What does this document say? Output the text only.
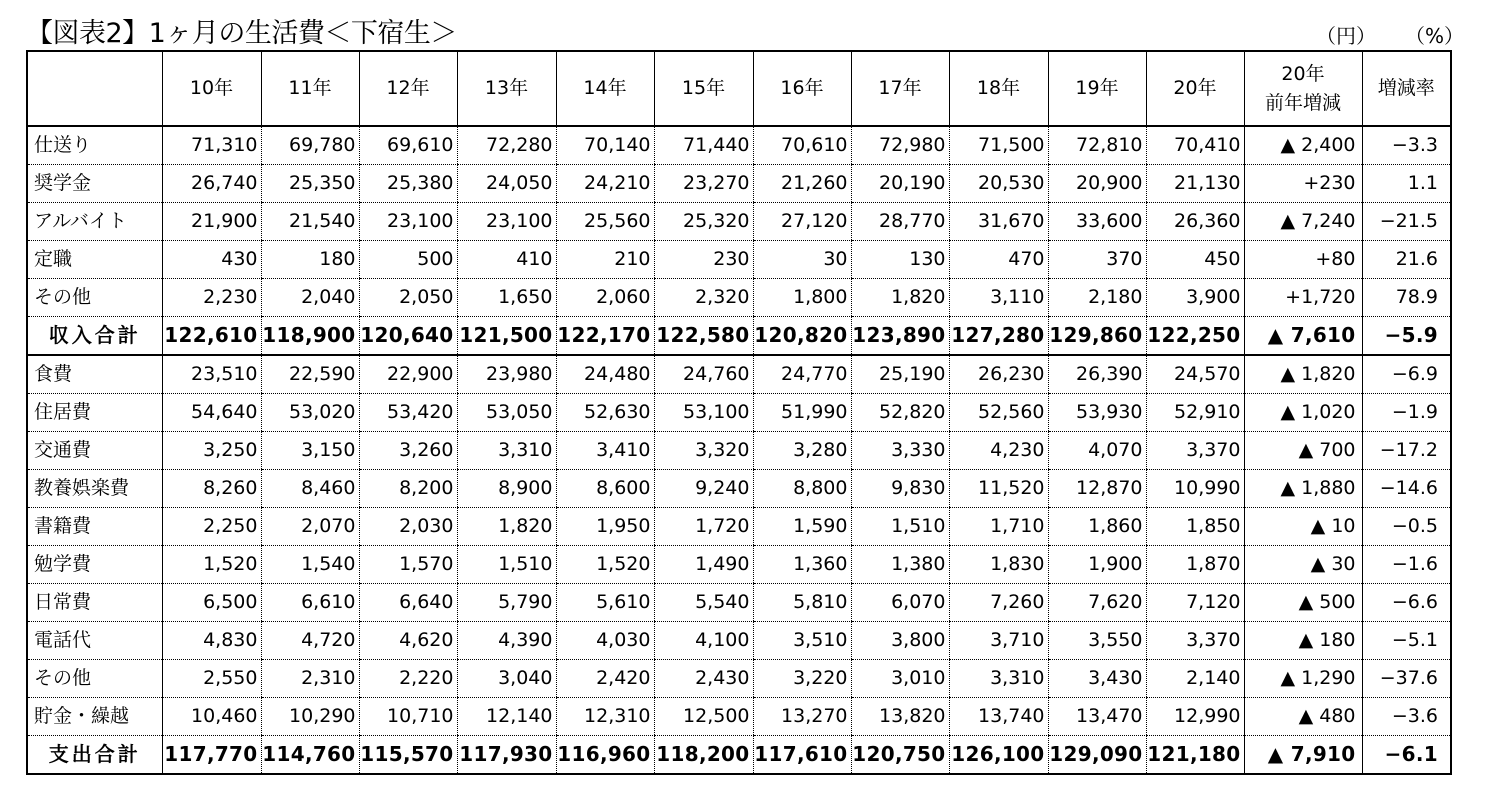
【図表2】1ヶ月の生活費＜下宿生＞	（円） （%）
	10年	11年	12年	13年	14年	15年	16年	17年	18年	19年	20年	20年
前年増減	増減率
仕送り	71,310	69,780	69,610	72,280	70,140	71,440	70,610	72,980	71,500	72,810	70,410	▲ 2,400	−3.3
奨学金	26,740	25,350	25,380	24,050	24,210	23,270	21,260	20,190	20,530	20,900	21,130	+230	1.1
アルバイト	21,900	21,540	23,100	23,100	25,560	25,320	27,120	28,770	31,670	33,600	26,360	▲ 7,240	−21.5
定職	430	180	500	410	210	230	30	130	470	370	450	+80	21.6
その他	2,230	2,040	2,050	1,650	2,060	2,320	1,800	1,820	3,110	2,180	3,900	+1,720	78.9
収入合計	122,610	118,900	120,640	121,500	122,170	122,580	120,820	123,890	127,280	129,860	122,250	▲ 7,610	−5.9
食費	23,510	22,590	22,900	23,980	24,480	24,760	24,770	25,190	26,230	26,390	24,570	▲ 1,820	−6.9
住居費	54,640	53,020	53,420	53,050	52,630	53,100	51,990	52,820	52,560	53,930	52,910	▲ 1,020	−1.9
交通費	3,250	3,150	3,260	3,310	3,410	3,320	3,280	3,330	4,230	4,070	3,370	▲ 700	−17.2
教養娯楽費	8,260	8,460	8,200	8,900	8,600	9,240	8,800	9,830	11,520	12,870	10,990	▲ 1,880	−14.6
書籍費	2,250	2,070	2,030	1,820	1,950	1,720	1,590	1,510	1,710	1,860	1,850	▲ 10	−0.5
勉学費	1,520	1,540	1,570	1,510	1,520	1,490	1,360	1,380	1,830	1,900	1,870	▲ 30	−1.6
日常費	6,500	6,610	6,640	5,790	5,610	5,540	5,810	6,070	7,260	7,620	7,120	▲ 500	−6.6
電話代	4,830	4,720	4,620	4,390	4,030	4,100	3,510	3,800	3,710	3,550	3,370	▲ 180	−5.1
その他	2,550	2,310	2,220	3,040	2,420	2,430	3,220	3,010	3,310	3,430	2,140	▲ 1,290	−37.6
貯金・繰越	10,460	10,290	10,710	12,140	12,310	12,500	13,270	13,820	13,740	13,470	12,990	▲ 480	−3.6
支出合計	117,770	114,760	115,570	117,930	116,960	118,200	117,610	120,750	126,100	129,090	121,180	▲ 7,910	−6.1
